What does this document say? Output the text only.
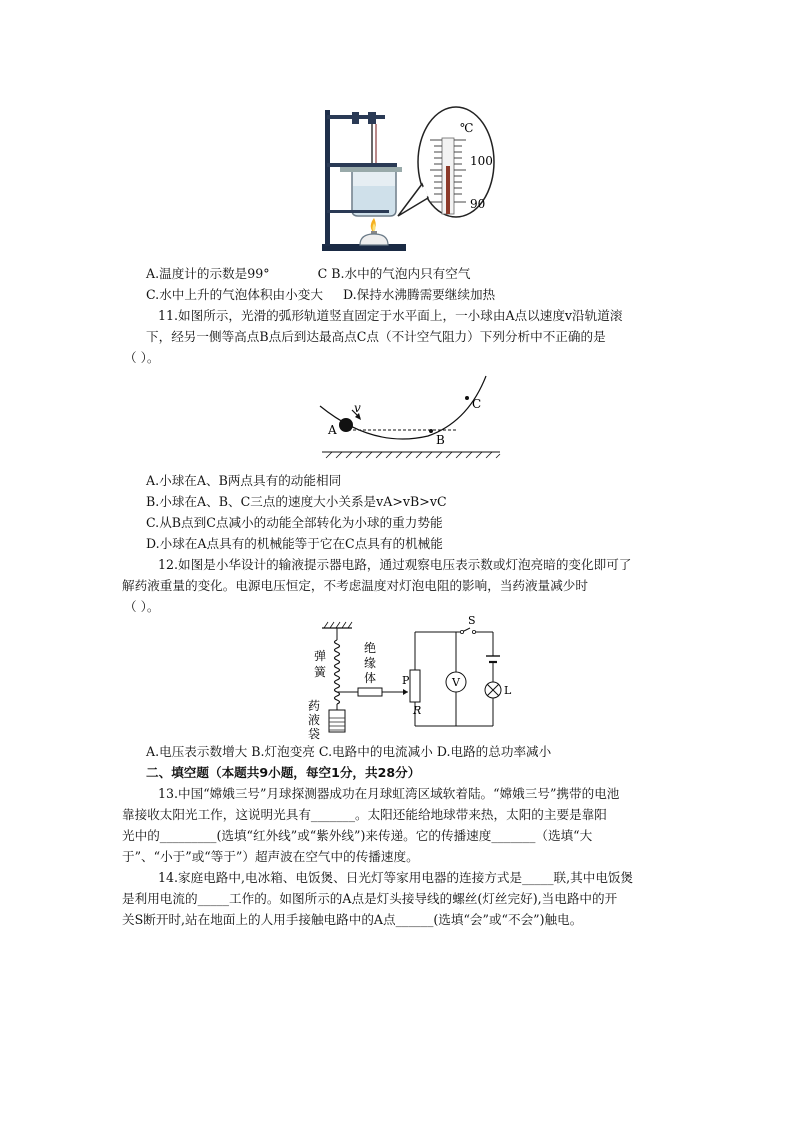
℃
100
90
A.温度计的示数是99°	C B.水中的气泡内只有空气
C.水中上升的气泡体积由小变大 D.保持水沸腾需要继续加热
11.如图所示，光滑的弧形轨道竖直固定于水平面上，一小球由A点以速度v沿轨道滚
下，经另一侧等高点B点后到达最高点C点（不计空气阻力）下列分析中不正确的是
（ ）。
v
A
B
C
A.小球在A、B两点具有的动能相同
B.小球在A、B、C三点的速度大小关系是vA>vB>vC
C.从B点到C点减小的动能全部转化为小球的重力势能
D.小球在A点具有的机械能等于它在C点具有的机械能
12.如图是小华设计的输液提示器电路，通过观察电压表示数或灯泡亮暗的变化即可了
解药液重量的变化。电源电压恒定，不考虑温度对灯泡电阻的影响，当药液量减少时
（ ）。
弹
簧
绝
缘
体
药
液
袋
P
R
S
V
L
A.电压表示数增大 B.灯泡变亮 C.电路中的电流减小 D.电路的总功率减小
二、填空题（本题共9小题，每空1分，共28分）
13.中国“嫦娥三号”月球探测器成功在月球虹湾区域软着陆。“嫦娥三号”携带的电池
靠接收太阳光工作，这说明光具有_______。太阳还能给地球带来热，太阳的主要是靠阳
光中的_________(选填“红外线”或“紫外线”)来传递。它的传播速度_______（选填“大
于”、“小于”或“等于”）超声波在空气中的传播速度。
14.家庭电路中,电冰箱、电饭煲、日光灯等家用电器的连接方式是_____联,其中电饭煲
是利用电流的_____工作的。如图所示的A点是灯头接导线的螺丝(灯丝完好),当电路中的开
关S断开时,站在地面上的人用手接触电路中的A点______(选填“会”或“不会”)触电。
